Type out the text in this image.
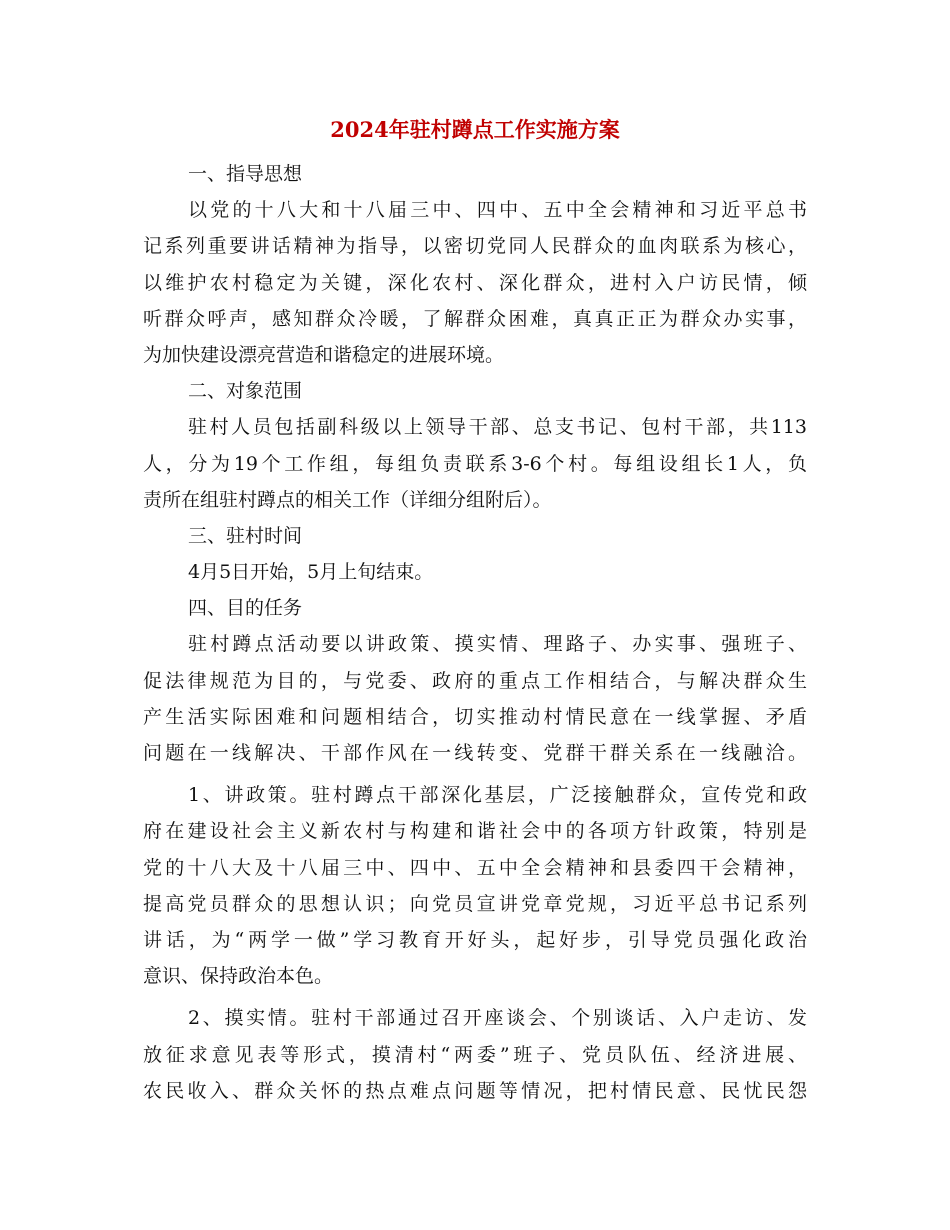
2024年驻村蹲点工作实施方案
一、指导思想
以党的十八大和十八届三中、四中、五中全会精神和习近平总书
记系列重要讲话精神为指导，以密切党同人民群众的血肉联系为核心，
以维护农村稳定为关键，深化农村、深化群众，进村入户访民情，倾
听群众呼声，感知群众冷暖，了解群众困难，真真正正为群众办实事，
为加快建设漂亮营造和谐稳定的进展环境。
二、对象范围
驻村人员包括副科级以上领导干部、总支书记、包村干部，共113
人，分为19个工作组，每组负责联系3-6个村。每组设组长1人，负
责所在组驻村蹲点的相关工作（详细分组附后）。
三、驻村时间
4月5日开始，5月上旬结束。
四、目的任务
驻村蹲点活动要以讲政策、摸实情、理路子、办实事、强班子、
促法律规范为目的，与党委、政府的重点工作相结合，与解决群众生
产生活实际困难和问题相结合，切实推动村情民意在一线掌握、矛盾
问题在一线解决、干部作风在一线转变、党群干群关系在一线融洽。
1、讲政策。驻村蹲点干部深化基层，广泛接触群众，宣传党和政
府在建设社会主义新农村与构建和谐社会中的各项方针政策，特别是
党的十八大及十八届三中、四中、五中全会精神和县委四干会精神，
提高党员群众的思想认识；向党员宣讲党章党规，习近平总书记系列
讲话，为“两学一做”学习教育开好头，起好步，引导党员强化政治
意识、保持政治本色。
2、摸实情。驻村干部通过召开座谈会、个别谈话、入户走访、发
放征求意见表等形式，摸清村“两委”班子、党员队伍、经济进展、
农民收入、群众关怀的热点难点问题等情况，把村情民意、民忧民怨
